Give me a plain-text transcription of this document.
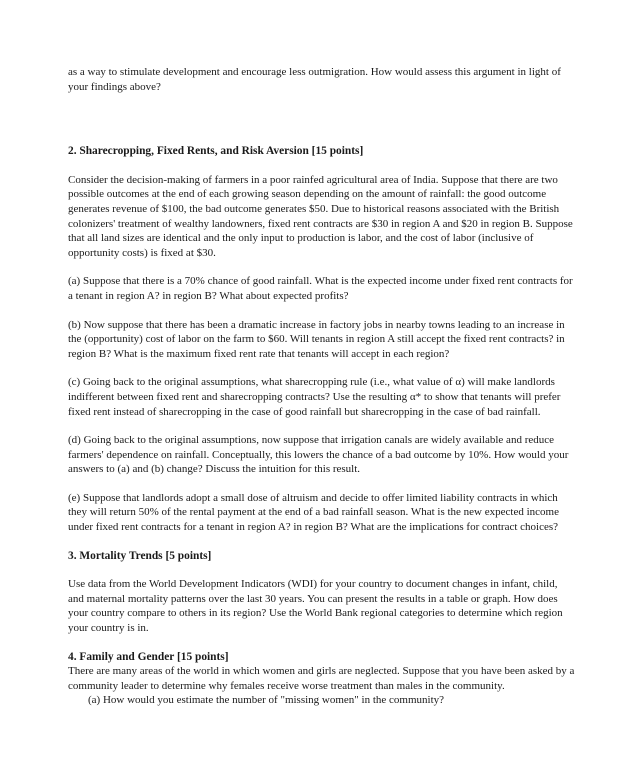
as a way to stimulate development and encourage less outmigration. How would assess this argument in light of your findings above?

2. Sharecropping, Fixed Rents, and Risk Aversion [15 points]

Consider the decision-making of farmers in a poor rainfed agricultural area of India. Suppose that there are two possible outcomes at the end of each growing season depending on the amount of rainfall: the good outcome generates revenue of $100, the bad outcome generates $50. Due to historical reasons associated with the British colonizers' treatment of wealthy landowners, fixed rent contracts are $30 in region A and $20 in region B. Suppose that all land sizes are identical and the only input to production is labor, and the cost of labor (inclusive of opportunity costs) is fixed at $30.

(a) Suppose that there is a 70% chance of good rainfall. What is the expected income under fixed rent contracts for a tenant in region A? in region B? What about expected profits?

(b) Now suppose that there has been a dramatic increase in factory jobs in nearby towns leading to an increase in the (opportunity) cost of labor on the farm to $60. Will tenants in region A still accept the fixed rent contracts? in region B? What is the maximum fixed rent rate that tenants will accept in each region?

(c) Going back to the original assumptions, what sharecropping rule (i.e., what value of α) will make landlords indifferent between fixed rent and sharecropping contracts? Use the resulting α* to show that tenants will prefer fixed rent instead of sharecropping in the case of good rainfall but sharecropping in the case of bad rainfall.

(d) Going back to the original assumptions, now suppose that irrigation canals are widely available and reduce farmers' dependence on rainfall. Conceptually, this lowers the chance of a bad outcome by 10%. How would your answers to (a) and (b) change? Discuss the intuition for this result.

(e) Suppose that landlords adopt a small dose of altruism and decide to offer limited liability contracts in which they will return 50% of the rental payment at the end of a bad rainfall season. What is the new expected income under fixed rent contracts for a tenant in region A? in region B? What are the implications for contract choices?

3. Mortality Trends [5 points]

Use data from the World Development Indicators (WDI) for your country to document changes in infant, child, and maternal mortality patterns over the last 30 years. You can present the results in a table or graph. How does your country compare to others in its region? Use the World Bank regional categories to determine which region your country is in.

4. Family and Gender [15 points]

There are many areas of the world in which women and girls are neglected. Suppose that you have been asked by a community leader to determine why females receive worse treatment than males in the community.

(a) How would you estimate the number of "missing women" in the community?
